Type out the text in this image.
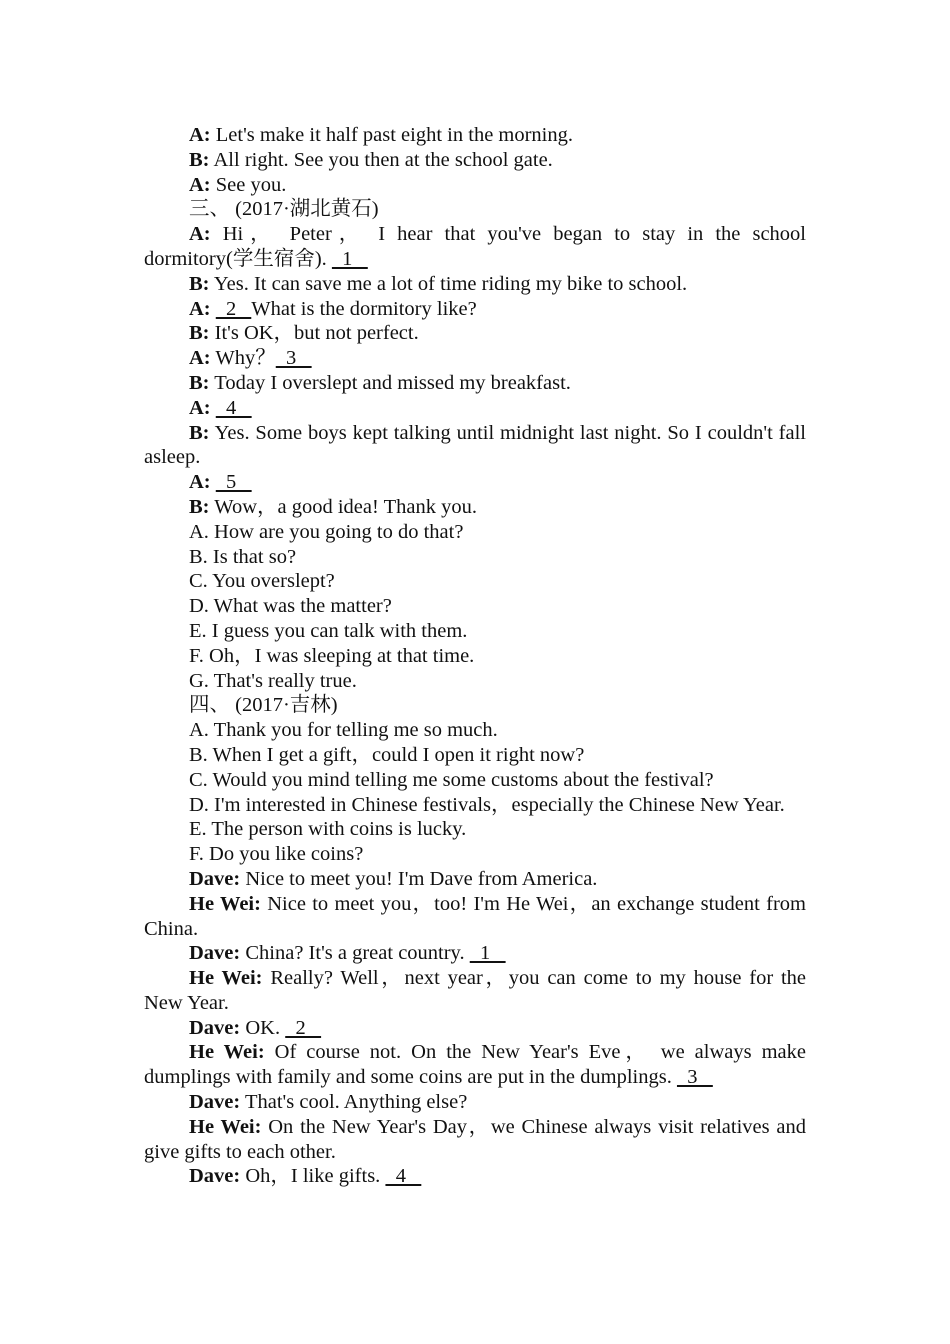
A: Let's make it half past eight in the morning.

B: All right. See you then at the school gate.

A: See you.

三、 (2017·湖北黄石)

A: Hi， Peter， I hear that you've began to stay in the school dormitory(学生宿舍).   1

B: Yes. It can save me a lot of time riding my bike to school.

A:   2   What is the dormitory like?

B: It's OK，but not perfect.

A: Why？  3

B: Today I overslept and missed my breakfast.

A:   4

B: Yes. Some boys kept talking until midnight last night. So I couldn't fall asleep.

A:   5

B: Wow，a good idea! Thank you.

A. How are you going to do that?

B. Is that so?

C. You overslept?

D. What was the matter?

E. I guess you can talk with them.

F. Oh，I was sleeping at that time.

G. That's really true.

四、 (2017·吉林)

A. Thank you for telling me so much.

B. When I get a gift，could I open it right now?

C. Would you mind telling me some customs about the festival?

D. I'm interested in Chinese festivals，especially the Chinese New Year.

E. The person with coins is lucky.

F. Do you like coins?

Dave: Nice to meet you! I'm Dave from America.

He Wei: Nice to meet you，too! I'm He Wei，an exchange student from China.

Dave: China? It's a great country.   1

He Wei: Really? Well，next year，you can come to my house for the New Year.

Dave: OK.   2

He Wei: Of course not. On the New Year's Eve， we always make dumplings with family and some coins are put in the dumplings.   3

Dave: That's cool. Anything else?

He Wei: On the New Year's Day，we Chinese always visit relatives and give gifts to each other.

Dave: Oh，I like gifts.   4
